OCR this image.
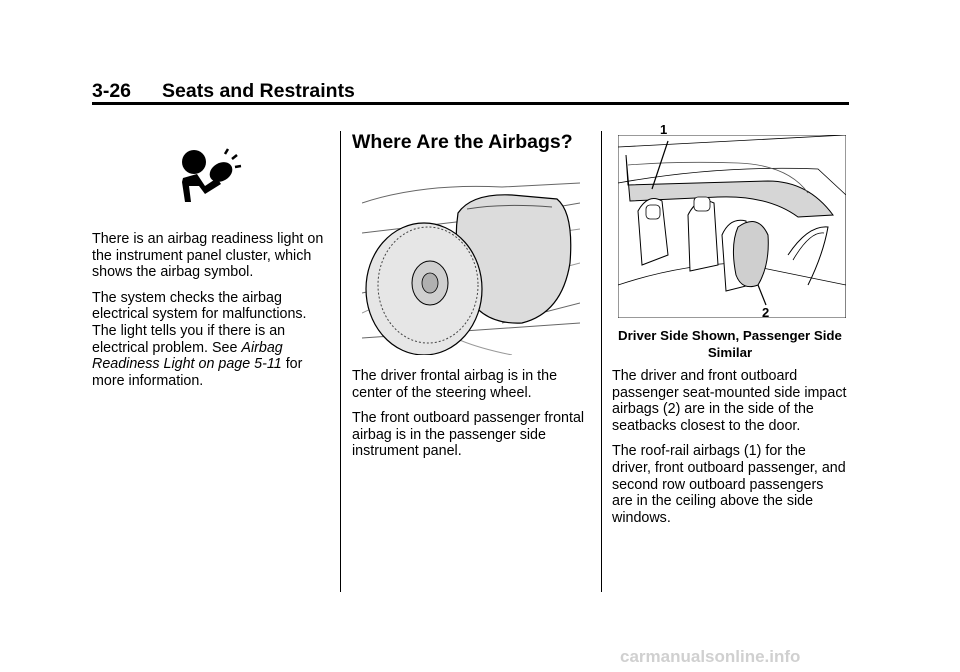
3-26 Seats and Restraints

There is an airbag readiness light on the instrument panel cluster, which shows the airbag symbol.

The system checks the airbag electrical system for malfunctions. The light tells you if there is an electrical problem. See Airbag Readiness Light on page 5-11 for more information.

Where Are the Airbags?

The driver frontal airbag is in the center of the steering wheel.

The front outboard passenger frontal airbag is in the passenger side instrument panel.

1
2
Driver Side Shown, Passenger Side Similar

The driver and front outboard passenger seat-mounted side impact airbags (2) are in the side of the seatbacks closest to the door.

The roof-rail airbags (1) for the driver, front outboard passenger, and second row outboard passengers are in the ceiling above the side windows.

carmanualsonline.info
